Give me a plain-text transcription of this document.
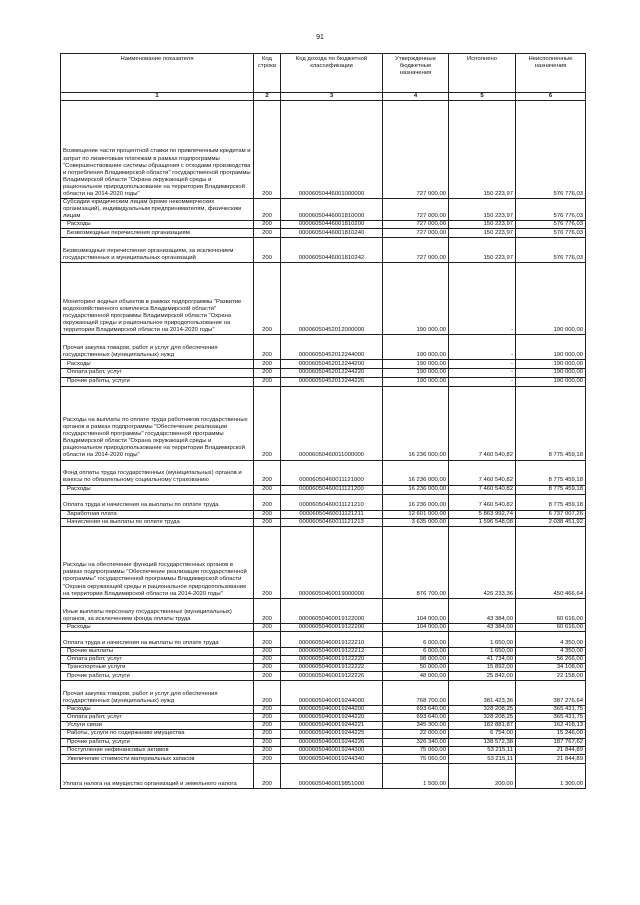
91
Наименование показателя	Код строки	Код дохода по бюджетной классификации	Утвержденные бюджетные назначения	Исполнено	Неисполненные назначения
1	2	3	4	5	6
Возмещение части процентной ставки по привлеченным кредитам и затрат по лизинговым платежам в рамках подпрограммы "Совершенствование системы обращения с отходами производства и потребления Владимирской области" государственной программы Владимирской области "Охрана окружающей среды и рациональное природопользование на территории Владимирской области на 2014-2020 годы"	200	00006050446001000000	727 000,00	150 223,97	576 776,03
Субсидии юридическим лицам (кроме некоммерческих организаций), индивидуальным предпринимателям, физическим лицам	200	00006050446001810000	727 000,00	150 223,97	576 776,03
Расходы	200	00006050446001810200	727 000,00	150 223,97	576 776,03
Безвозмездные перечисления организациям	200	00006050446001810240	727 000,00	150 223,97	576 776,03
Безвозмездные перечисления организациям, за исключением государственных и муниципальных организаций	200	00006050446001810242	727 000,00	150 223,97	576 776,03
Мониторинг водных объектов в рамках подпрограммы "Развитие водохозяйственного комплекса Владимирской области" государственной программы Владимирской области "Охрана окружающей среды и рациональное природопользование на территории Владимирской области на 2014-2020 годы"	200	00006050452012000000	190 000,00	-	190 000,00
Прочая закупка товаров, работ и услуг для обеспечения государственных (муниципальных) нужд	200	00006050452012244000	190 000,00	-	190 000,00
Расходы	200	00006050452012244200	190 000,00	-	190 000,00
Оплата работ, услуг	200	00006050452012244220	190 000,00	-	190 000,00
Прочие работы, услуги	200	00006050452012244226	190 000,00	-	190 000,00
Расходы на выплаты по оплате труда работников государственных органов в рамках подпрограммы "Обеспечение реализации государственной программы" государственной программы Владимирской области "Охрана окружающей среды и рациональное природопользование на территории Владимирской области на 2014-2020 годы"	200	00006050460011000000	16 236 000,00	7 460 540,82	8 775 459,18
Фонд оплаты труда государственных (муниципальных) органов и взносы по обязательному социальному страхованию	200	00006050460011121000	16 236 000,00	7 460 540,82	8 775 459,18
Расходы	200	00006050460011121200	16 236 000,00	7 460 540,82	8 775 459,18
Оплата труда и начисления на выплаты по оплате труда	200	00006050460011121210	16 236 000,00	7 460 540,82	8 775 459,18
Заработная плата	200	00006050460011121211	12 601 000,00	5 863 992,74	6 737 007,26
Начисления на выплаты по оплате труда	200	00006050460011121213	3 635 000,00	1 596 548,08	2 038 451,92
Расходы на обеспечение функций государственных органов в рамках подпрограммы "Обеспечение реализации государственной программы" государственной программы Владимирской области "Охрана окружающей среды и рациональное природопользование на территории Владимирской области на 2014-2020 годы"	200	00006050460019000000	876 700,00	426 233,36	450 466,64
Иные выплаты персоналу государственных (муниципальных) органов, за исключением фонда оплаты труда	200	00006050460019122000	104 000,00	43 384,00	60 616,00
Расходы	200	00006050460019122200	104 000,00	43 384,00	60 616,00
Оплата труда и начисления на выплаты по оплате труда	200	00006050460019122210	6 000,00	1 650,00	4 350,00
Прочие выплаты	200	00006050460019122212	6 000,00	1 650,00	4 350,00
Оплата работ, услуг	200	00006050460019122220	98 000,00	41 734,00	56 266,00
Транспортные услуги	200	00006050460019122222	50 000,00	15 892,00	34 108,00
Прочие работы, услуги	200	00006050460019122226	48 000,00	25 842,00	22 158,00
Прочая закупка товаров, работ и услуг для обеспечения государственных (муниципальных) нужд	200	00006050460019244000	768 700,00	381 423,36	387 276,64
Расходы	200	00006050460019244200	693 640,00	328 208,25	365 431,75
Оплата работ, услуг	200	00006050460019244220	693 640,00	328 208,25	365 431,75
Услуги связи	200	00006050460019244221	345 300,00	182 881,87	162 418,13
Работы, услуги по содержанию имущества	200	00006050460019244225	22 000,00	6 754,00	15 246,00
Прочие работы, услуги	200	00006050460019244226	326 340,00	138 572,38	187 767,62
Поступление нефинансовых активов	200	00006050460019244300	75 060,00	53 215,11	21 844,89
Увеличение стоимости материальных запасов	200	00006050460019244340	75 060,00	53 215,11	21 844,89
Уплата налога на имущество организаций и земельного налога	200	00006050460019851000	1 500,00	200,00	1 300,00
